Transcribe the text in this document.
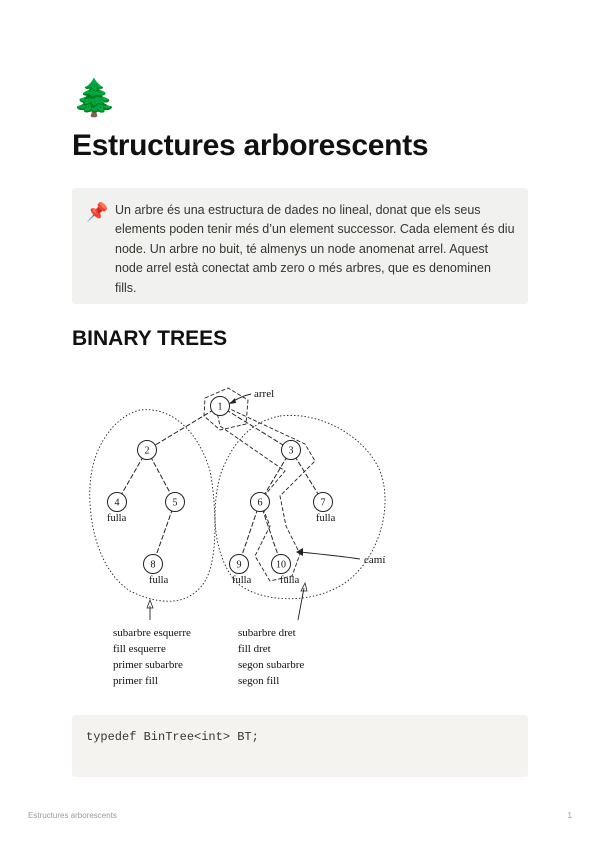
🌲
Estructures arborescents
📌 Un arbre és una estructura de dades no lineal, donat que els seus elements poden tenir més d’un element successor. Cada element és diu node. Un arbre no buit, té almenys un node anomenat arrel. Aquest node arrel està conectat amb zero o més arbres, que es denominen fills.

BINARY TREES
1
2	3
4	5	6	7
8	9	10
fulla	fulla
fulla	fulla	fulla
arrel
camí
subarbre esquerre
fill esquerre
primer subarbre
primer fill
subarbre dret
fill dret
segon subarbre
segon fill
typedef BinTree<int> BT;
Estructures arborescents	1
